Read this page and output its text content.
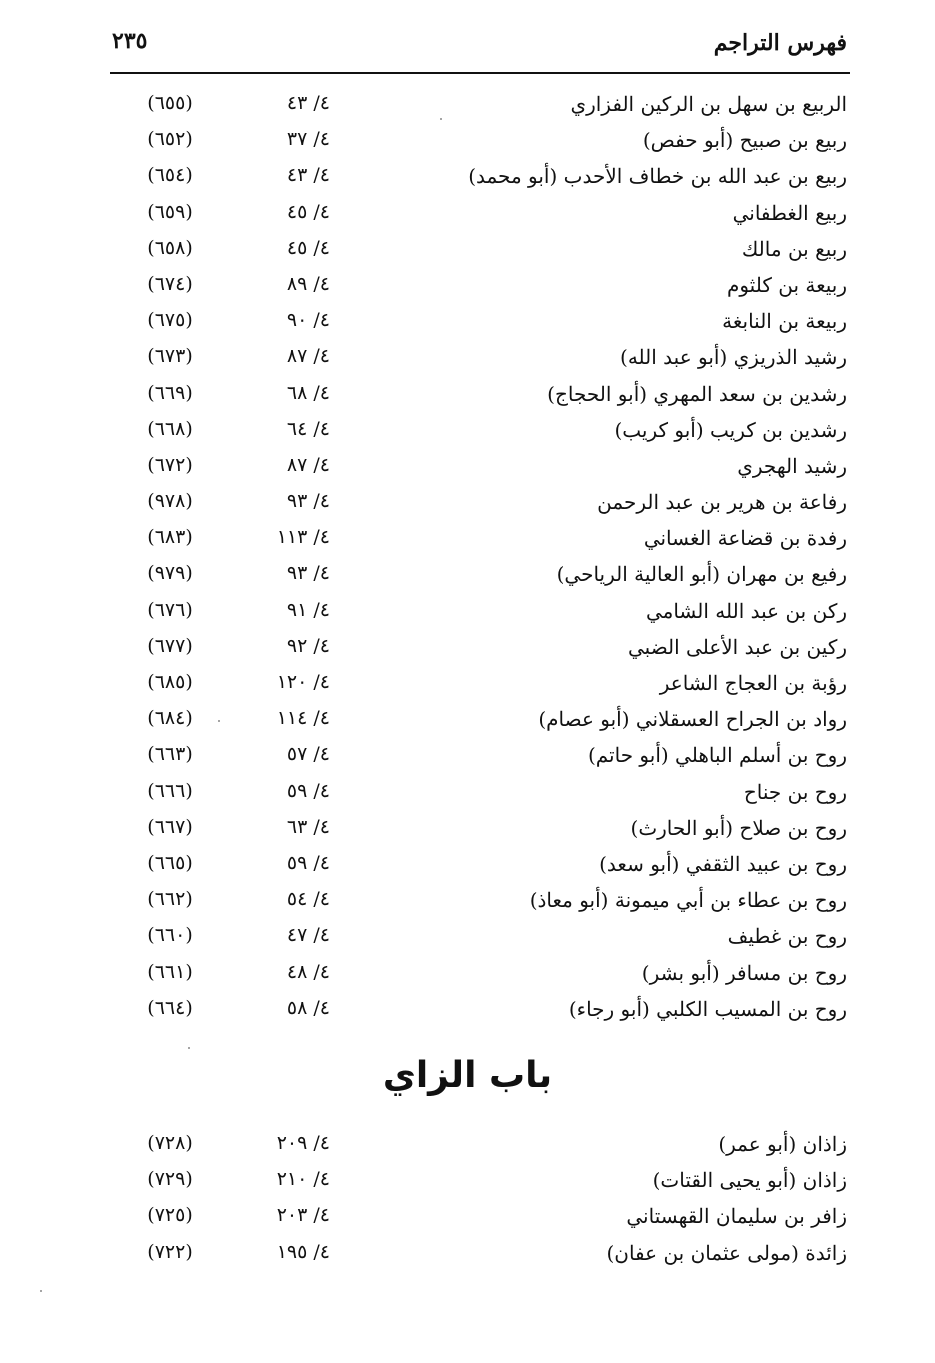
٢٣٥	فهرس التراجم
الربيع بن سهل بن الركين الفزاري
٤/ ٤٣
(٦٥٥)
ربيع بن صبيح (أبو حفص)
٤/ ٣٧
(٦٥٢)
ربيع بن عبد الله بن خطاف الأحدب (أبو محمد)
٤/ ٤٣
(٦٥٤)
ربيع الغطفاني
٤/ ٤٥
(٦٥٩)
ربيع بن مالك
٤/ ٤٥
(٦٥٨)
ربيعة بن كلثوم
٤/ ٨٩
(٦٧٤)
ربيعة بن النابغة
٤/ ٩٠
(٦٧٥)
رشيد الذريزي (أبو عبد الله)
٤/ ٨٧
(٦٧٣)
رشدين بن سعد المهري (أبو الحجاج)
٤/ ٦٨
(٦٦٩)
رشدين بن كريب (أبو كريب)
٤/ ٦٤
(٦٦٨)
رشيد الهجري
٤/ ٨٧
(٦٧٢)
رفاعة بن هرير بن عبد الرحمن
٤/ ٩٣
(٩٧٨)
رفدة بن قضاعة الغساني
٤/ ١١٣
(٦٨٣)
رفيع بن مهران (أبو العالية الرياحي)
٤/ ٩٣
(٩٧٩)
ركن بن عبد الله الشامي
٤/ ٩١
(٦٧٦)
ركين بن عبد الأعلى الضبي
٤/ ٩٢
(٦٧٧)
رؤبة بن العجاج الشاعر
٤/ ١٢٠
(٦٨٥)
رواد بن الجراح العسقلاني (أبو عصام)
٤/ ١١٤
(٦٨٤)
روح بن أسلم الباهلي (أبو حاتم)
٤/ ٥٧
(٦٦٣)
روح بن جناح
٤/ ٥٩
(٦٦٦)
روح بن صلاح (أبو الحارث)
٤/ ٦٣
(٦٦٧)
روح بن عبيد الثقفي (أبو سعد)
٤/ ٥٩
(٦٦٥)
روح بن عطاء بن أبي ميمونة (أبو معاذ)
٤/ ٥٤
(٦٦٢)
روح بن غطيف
٤/ ٤٧
(٦٦٠)
روح بن مسافر (أبو بشر)
٤/ ٤٨
(٦٦١)
روح بن المسيب الكلبي (أبو رجاء)
٤/ ٥٨
(٦٦٤)
باب الزاي
زاذان (أبو عمر)
٤/ ٢٠٩
(٧٢٨)
زاذان (أبو يحيى القتات)
٤/ ٢١٠
(٧٢٩)
زافر بن سليمان القهستاني
٤/ ٢٠٣
(٧٢٥)
زائدة (مولى عثمان بن عفان)
٤/ ١٩٥
(٧٢٢)
